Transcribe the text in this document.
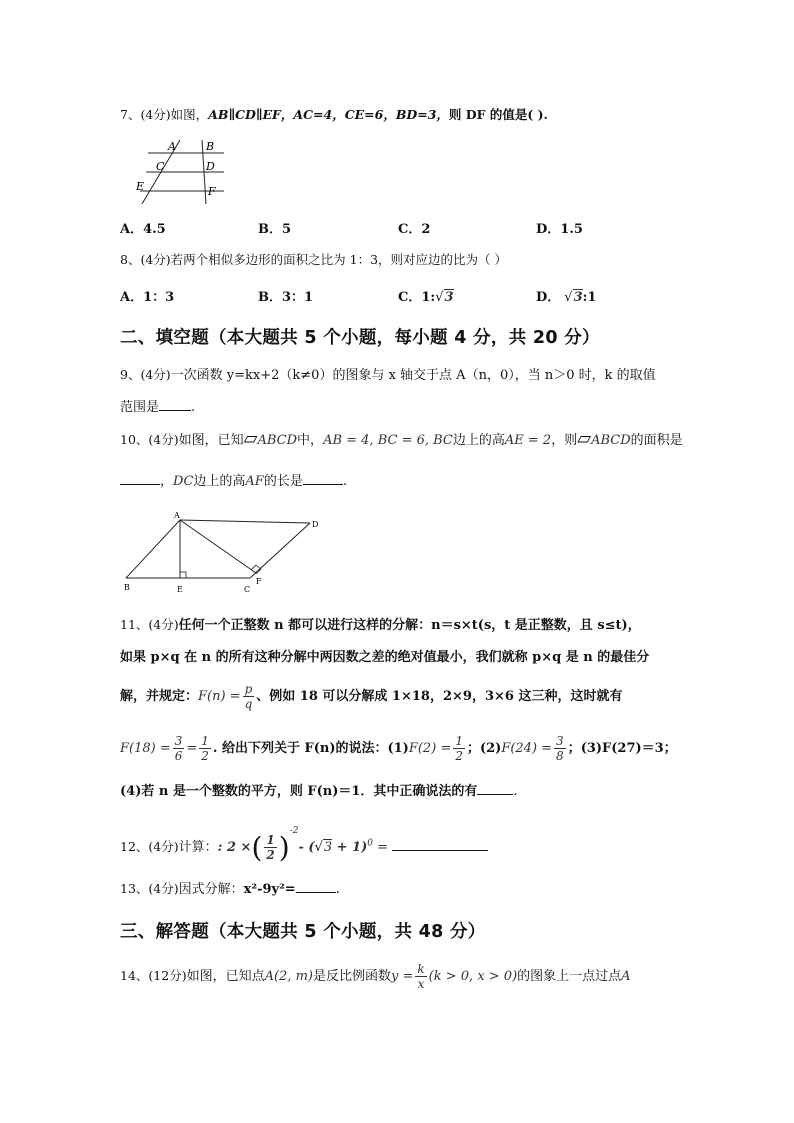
7、(4分)如图，AB∥CD∥EF，AC=4，CE=6，BD=3，则 DF 的值是( ).
A	B
C	D
E	F
A．4.5	B．5	C．2	D．1.5
8、(4分)若两个相似多边形的面积之比为 1：3，则对应边的比为（ ）
A．1：3	B．3：1	C．1:√3	D． √3:1
二、填空题（本大题共 5 个小题，每小题 4 分，共 20 分）
9、(4分)一次函数 y=kx+2（k≠0）的图象与 x 轴交于点 A（n，0），当 n＞0 时，k 的取值
范围是 .
10、(4分)如图，已知▱ABCD中，AB = 4, BC = 6, BC边上的高AE = 2，则▱ABCD的面积是
，DC边上的高AF的长是	.
A
D
B	E	C
F
11、(4分)任何一个正整数 n 都可以进行这样的分解：n＝s×t(s，t 是正整数，且 s≤t)，
如果 p×q 在 n 的所有这种分解中两因数之差的绝对值最小，我们就称 p×q 是 n 的最佳分
解，并规定：$F(n) = \frac{p}{q}$ 、例如 18 可以分解成 1×18，2×9，3×6 这三种，这时就有
$F(18) = \frac{3}{6} = \frac{1}{2}$ . 给出下列关于 F(n)的说法：$(1)F(2) = \frac{1}{2}$ ；$(2)F(24) = \frac{3}{8}$ ；(3)F(27)＝3；
(4)若 n 是一个整数的平方，则 F(n)＝1．其中正确说法的有	.
12、(4分)计算：: 2 ×( $\frac{1}{2} )^{-2}-$ $(√3 + 1)^0$ =
13、(4分)因式分解：x²-9y²=	.
三、解答题（本大题共 5 个小题，共 48 分）
14、(12分)如图，已知点A(2, m)是反比例函数$y = \frac{k}{x} (k > 0$, x > 0)的图象上一点过点A
